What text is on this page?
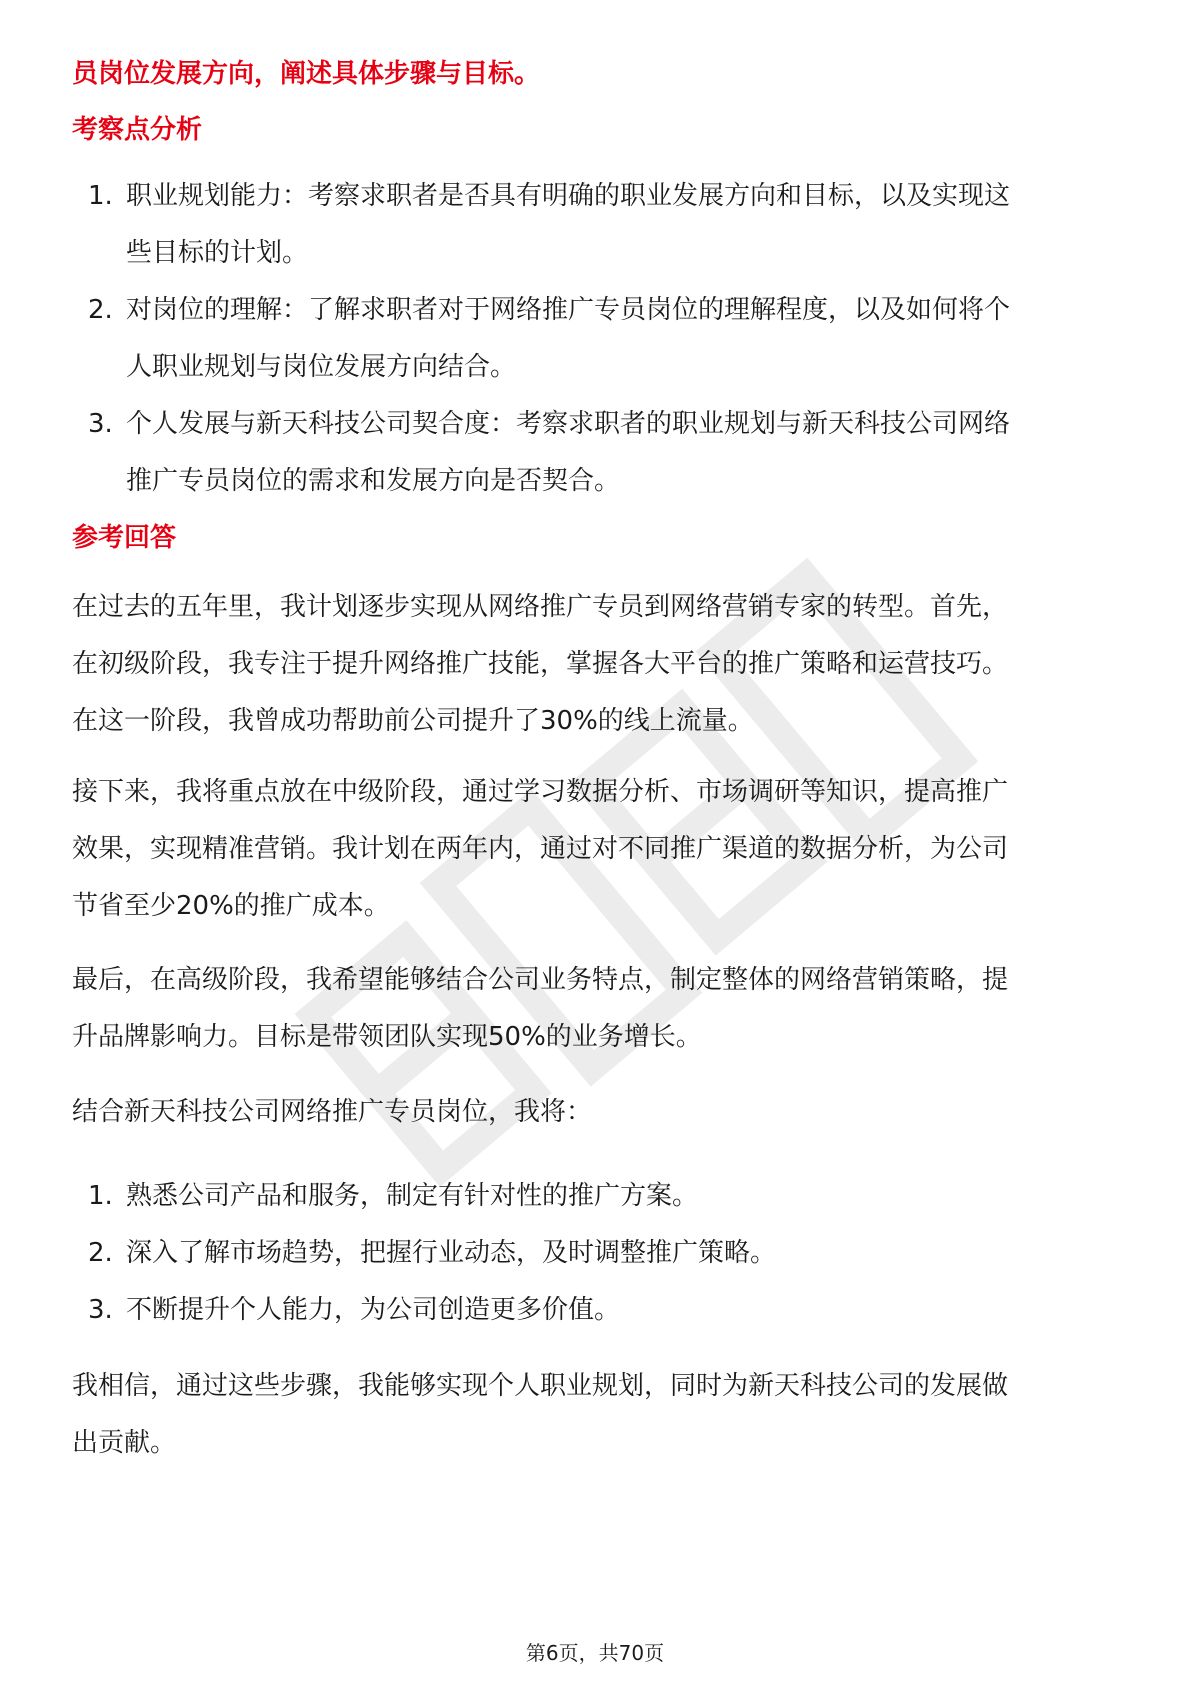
员岗位发展方向，阐述具体步骤与目标。
考察点分析
1. 职业规划能力：考察求职者是否具有明确的职业发展方向和目标，以及实现这
些目标的计划。
2. 对岗位的理解：了解求职者对于网络推广专员岗位的理解程度，以及如何将个
人职业规划与岗位发展方向结合。
3. 个人发展与新天科技公司契合度：考察求职者的职业规划与新天科技公司网络
推广专员岗位的需求和发展方向是否契合。
参考回答
在过去的五年里，我计划逐步实现从网络推广专员到网络营销专家的转型。首先，
在初级阶段，我专注于提升网络推广技能，掌握各大平台的推广策略和运营技巧。
在这一阶段，我曾成功帮助前公司提升了30%的线上流量。
接下来，我将重点放在中级阶段，通过学习数据分析、市场调研等知识，提高推广
效果，实现精准营销。我计划在两年内，通过对不同推广渠道的数据分析，为公司
节省至少20%的推广成本。
最后，在高级阶段，我希望能够结合公司业务特点，制定整体的网络营销策略，提
升品牌影响力。目标是带领团队实现50%的业务增长。
结合新天科技公司网络推广专员岗位，我将：
1. 熟悉公司产品和服务，制定有针对性的推广方案。
2. 深入了解市场趋势，把握行业动态，及时调整推广策略。
3. 不断提升个人能力，为公司创造更多价值。
我相信，通过这些步骤，我能够实现个人职业规划，同时为新天科技公司的发展做
出贡献。
第6页，共70页
